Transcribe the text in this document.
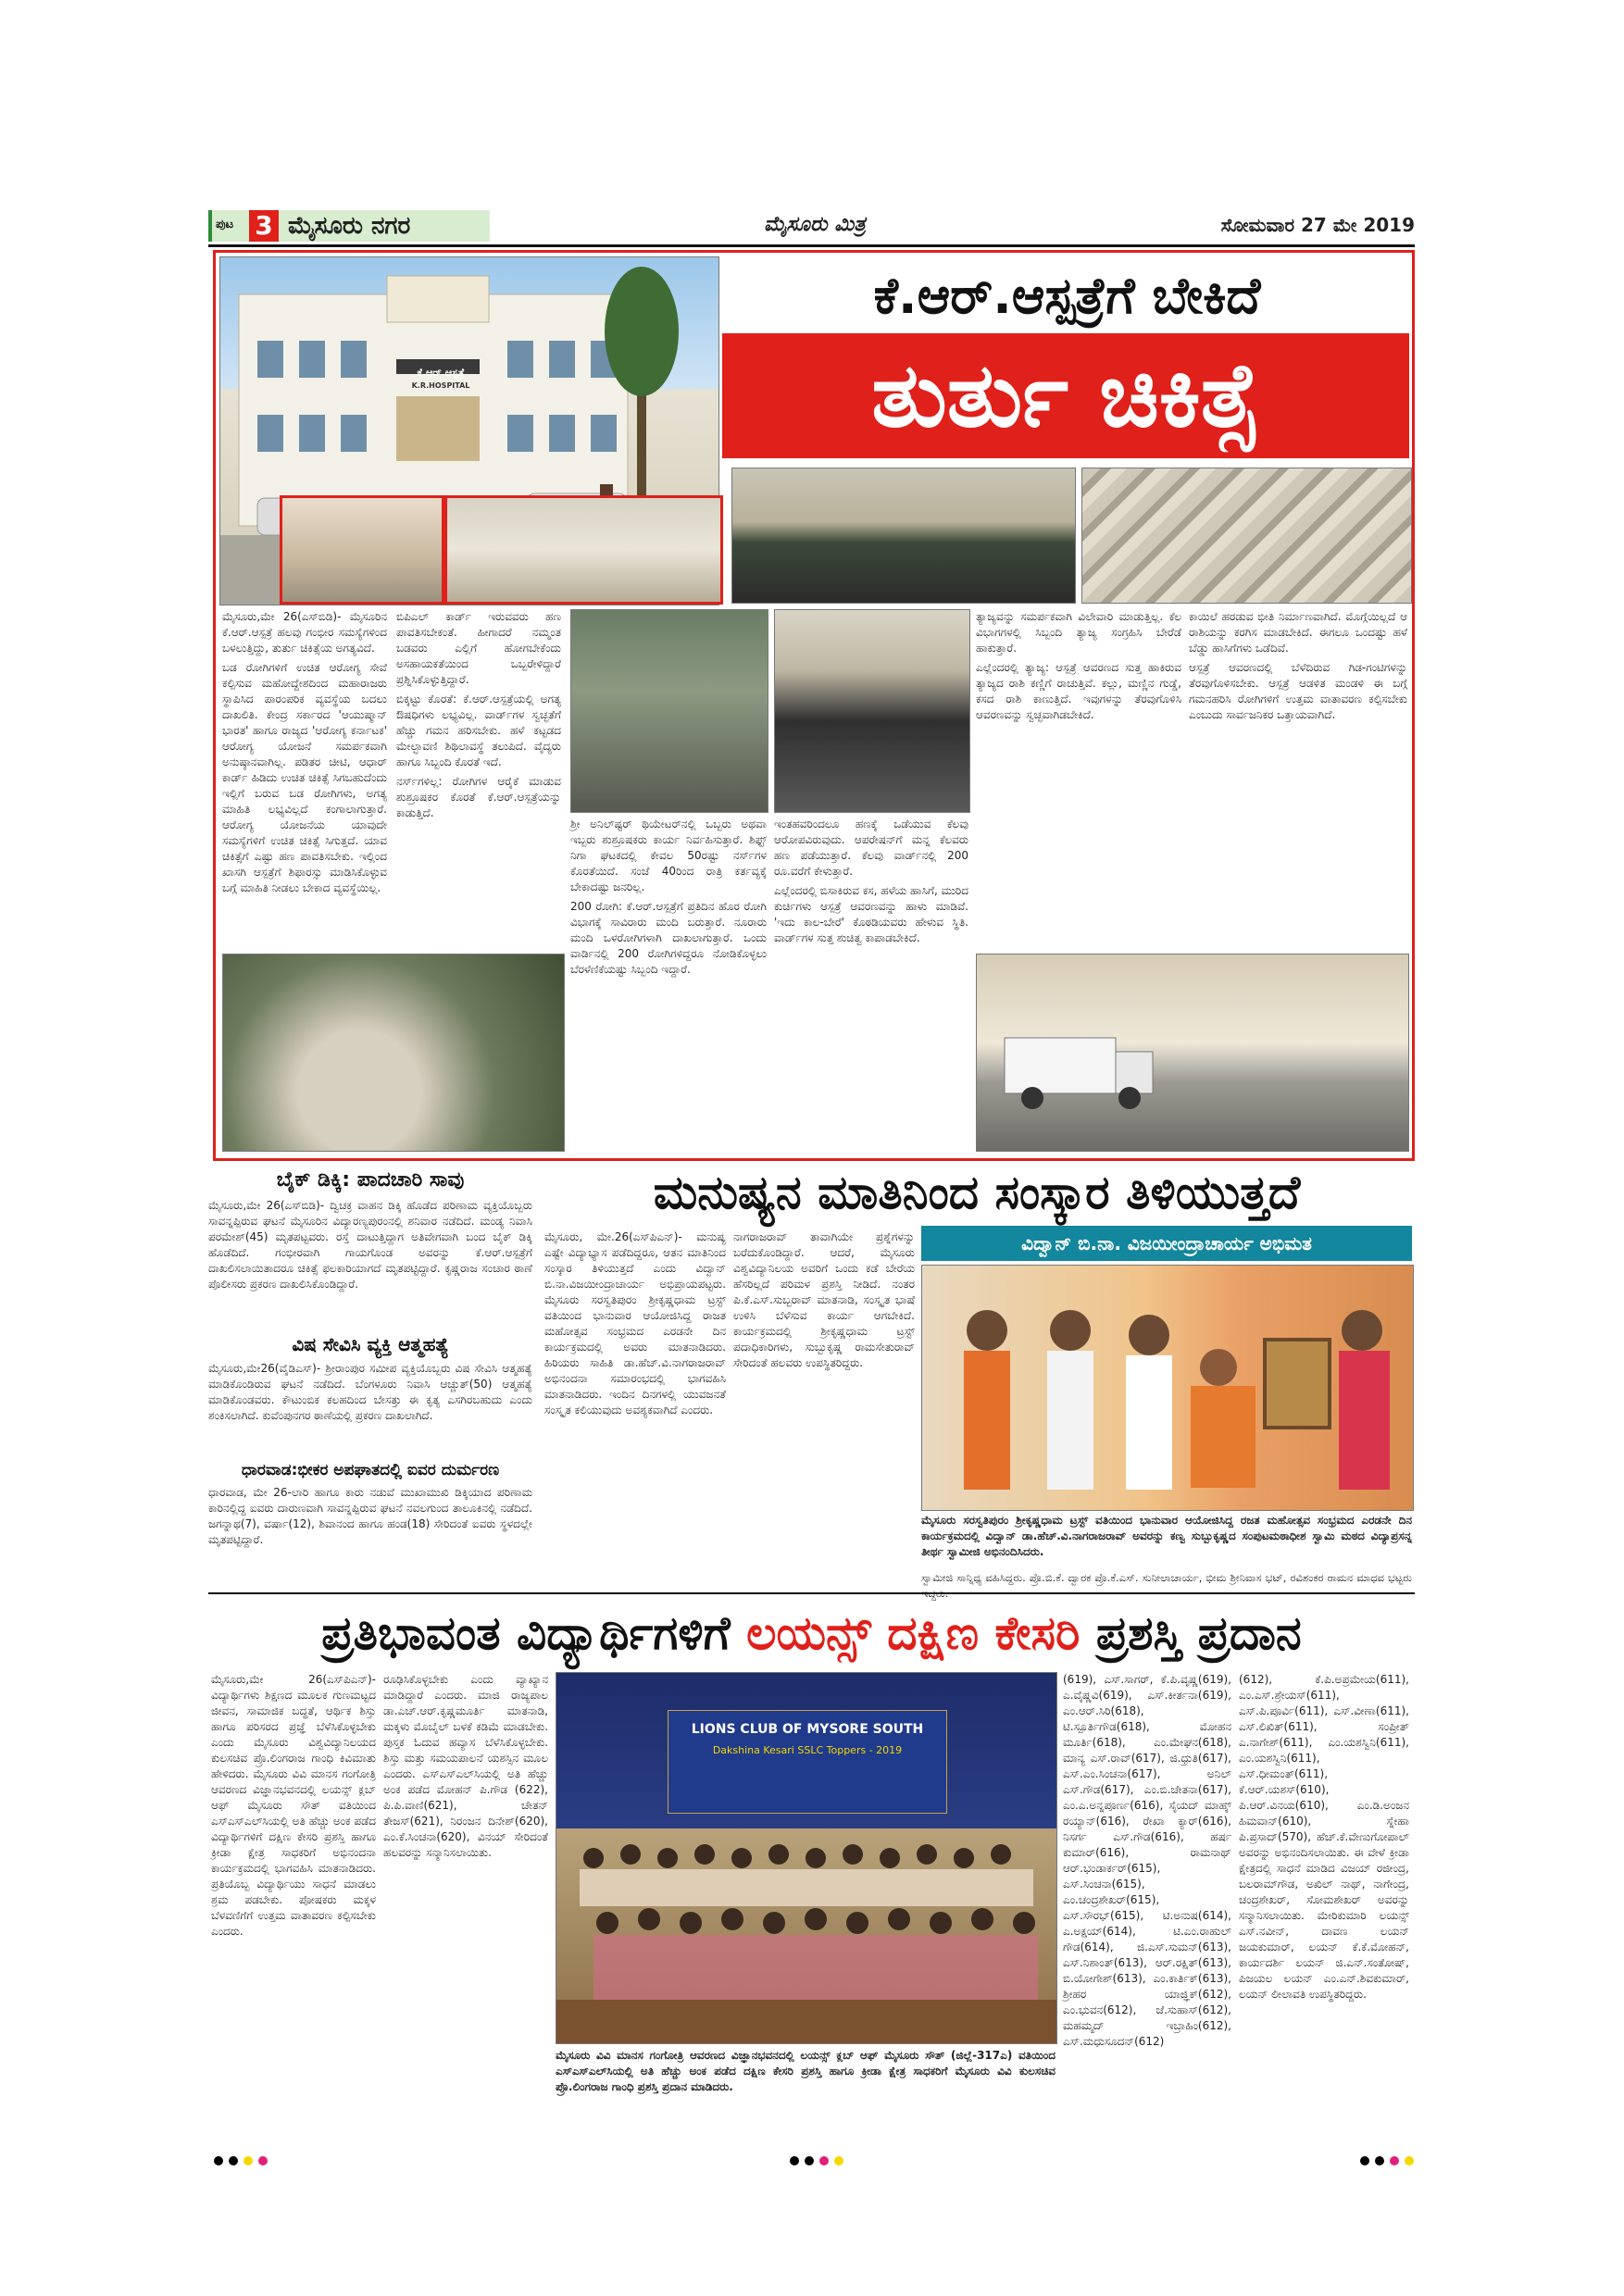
ಪುಟ 3 ಮೈಸೂರು ನಗರ	ಮೈಸೂರು ಮಿತ್ರ	ಸೋಮವಾರ 27 ಮೇ 2019
ಕೆ.ಆರ್.ಆಸ್ಪತ್ರೆ
K.R.HOSPITAL
ಕೆ.ಆರ್.ಆಸ್ಪತ್ರೆಗೆ ಬೇಕಿದೆ
ತುರ್ತು ಚಿಕಿತ್ಸೆ

ಮೈಸೂರು,ಮೇ 26(ಎಸ್‌ಬಿಡಿ)- ಮೈಸೂರಿನ ಕೆ.ಆರ್.ಆಸ್ಪತ್ರೆ ಹಲವು ಗಂಭೀರ ಸಮಸ್ಯೆಗಳಿಂದ ಬಳಲುತ್ತಿದ್ದು, ತುರ್ತು ಚಿಕಿತ್ಸೆಯ ಅಗತ್ಯವಿದೆ.

ಬಡ ರೋಗಿಗಳಿಗೆ ಉಚಿತ ಆರೋಗ್ಯ ಸೇವೆ ಕಲ್ಪಿಸುವ ಮಹೋದ್ದೇಶದಿಂದ ಮಹಾರಾಜರು ಸ್ಥಾಪಿಸಿದ ಪಾರಂಪರಿಕ ವ್ಯವಸ್ಥೆಯ ಬದಲು ದಾಖಲಿತಿ. ಕೇಂದ್ರ ಸರ್ಕಾರದ 'ಆಯುಷ್ಮಾನ್ ಭಾರತ' ಹಾಗೂ ರಾಜ್ಯದ 'ಆರೋಗ್ಯ ಕರ್ನಾಟಕ' ಆರೋಗ್ಯ ಯೋಜನೆ ಸಮರ್ಪಕವಾಗಿ ಅನುಷ್ಠಾನವಾಗಿಲ್ಲ. ಪಡಿತರ ಚೀಟಿ, ಆಧಾರ್ ಕಾರ್ಡ್ ಹಿಡಿದು ಉಚಿತ ಚಿಕಿತ್ಸೆ ಸಿಗಬಹುದೆಂದು ಇಲ್ಲಿಗೆ ಬರುವ ಬಡ ರೋಗಿಗಳು, ಅಗತ್ಯ ಮಾಹಿತಿ ಲಭ್ಯವಿಲ್ಲದೆ ಕಂಗಾಲಾಗುತ್ತಾರೆ. ಆರೋಗ್ಯ ಯೋಜನೆಯ ಯಾವುದೇ ಸಮಸ್ಯೆಗಳಿಗೆ ಉಚಿತ ಚಿಕಿತ್ಸೆ ಸಿಗುತ್ತದೆ. ಯಾವ ಚಿಕಿತ್ಸೆಗೆ ಎಷ್ಟು ಹಣ ಪಾವತಿಸಬೇಕು. ಇಲ್ಲಿಂದ ಖಾಸಗಿ ಆಸ್ಪತ್ರೆಗೆ ಶಿಫಾರಸ್ಸು ಮಾಡಿಸಿಕೊಳ್ಳುವ ಬಗ್ಗೆ ಮಾಹಿತಿ ನೀಡಲು ಬೇಕಾದ ವ್ಯವಸ್ಥೆಯಿಲ್ಲ.

ಬಿಪಿಎಲ್ ಕಾರ್ಡ್ ಇರುವವರು ಹಣ ಪಾವತಿಸಬೇಕಂತೆ. ಹೀಗಾದರೆ ನಮ್ಮಂತ ಬಡವರು ಎಲ್ಲಿಗೆ ಹೋಗಬೇಕೆಂದು ಅಸಹಾಯಕತೆಯಿಂದ ಒಬ್ಬರೇಳಿದ್ದಾರೆ ಪ್ರಶ್ನಿಸಿಕೊಳ್ಳುತ್ತಿದ್ದಾರೆ.

ಬಿಕ್ಕಟ್ಟು ಕೊರತೆ: ಕೆ.ಆರ್.ಆಸ್ಪತ್ರೆಯಲ್ಲಿ ಅಗತ್ಯ ಔಷಧಿಗಳು ಲಭ್ಯವಿಲ್ಲ. ವಾರ್ಡ್‌ಗಳ ಸ್ವಚ್ಛತೆಗೆ ಹೆಚ್ಚು ಗಮನ ಹರಿಸಬೇಕು. ಹಳೆ ಕಟ್ಟಡದ ಮೇಲ್ಛಾವಣಿ ಶಿಥಿಲಾವಸ್ಥೆ ತಲುಪಿದೆ. ವೈದ್ಯರು ಹಾಗೂ ಸಿಬ್ಬಂದಿ ಕೊರತೆ ಇದೆ.

ನರ್ಸ್‌ಗಳಿಲ್ಲ: ರೋಗಿಗಳ ಆರೈಕೆ ಮಾಡುವ ಶುಶ್ರೂಷಕರ ಕೊರತೆ ಕೆ.ಆರ್.ಆಸ್ಪತ್ರೆಯನ್ನು ಕಾಡುತ್ತಿದೆ.

ಶ್ರೀ ಅನಿಲ್‌ಷ್ಟರ್ ಥಿಯೇಟರ್‌ನಲ್ಲಿ ಒಬ್ಬರು ಅಥವಾ ಇಬ್ಬರು ಶುಶ್ರೂಷಕರು ಕಾರ್ಯ ನಿರ್ವಹಿಸುತ್ತಾರೆ. ಶಿಫ್ಟ್ ನಿಗಾ ಘಟಕದಲ್ಲಿ ಕೇವಲ 50ರಷ್ಟು ನರ್ಸ್‌ಗಳ ಕೊರತೆಯಿದೆ. ಸಂಜೆ 40ರಿಂದ ರಾತ್ರಿ ಕರ್ತವ್ಯಕ್ಕೆ ಬೇಕಾದಷ್ಟು ಜನರಿಲ್ಲ.

200 ರೋಗಿ: ಕೆ.ಆರ್.ಆಸ್ಪತ್ರೆಗೆ ಪ್ರತಿದಿನ ಹೊರ ರೋಗಿ ವಿಭಾಗಕ್ಕೆ ಸಾವಿರಾರು ಮಂದಿ ಬರುತ್ತಾರೆ. ನೂರಾರು ಮಂದಿ ಒಳರೋಗಿಗಳಾಗಿ ದಾಖಲಾಗುತ್ತಾರೆ. ಒಂದು ವಾರ್ಡಿನಲ್ಲಿ 200 ರೋಗಿಗಳಿದ್ದರೂ ನೋಡಿಕೊಳ್ಳಲು ಬೆರಳೆಣಿಕೆಯಷ್ಟು ಸಿಬ್ಬಂದಿ ಇದ್ದಾರೆ.

ಇಂತಹವರಿಂದಲೂ ಹಣಕ್ಕೆ ಒಡೆಯುವ ಕೆಲವು ಆರೋಪವಿರುವುದು. ಆಪರೇಷನ್‌ಗೆ ಮನ್ನ ಕೆಲವರು ಹಣ ಪಡೆಯುತ್ತಾರೆ. ಕೆಲವು ವಾರ್ಡ್‌ನಲ್ಲಿ 200 ರೂ.ವರೆಗೆ ಕೇಳುತ್ತಾರೆ.

ಎಲ್ಲೆಂದರಲ್ಲಿ ಬಿಸಾಕಿರುವ ಕಸ, ಹಳೆಯ ಹಾಸಿಗೆ, ಮುರಿದ ಕುರ್ಚಿಗಳು ಆಸ್ಪತ್ರೆ ಆವರಣವನ್ನು ಹಾಳು ಮಾಡಿವೆ. 'ಇದು ಕಾಲ-ಬೇರೆ' ಕೊಠಡಿಯವರು ಹೇಳುವ ಸ್ಥಿತಿ. ವಾರ್ಡ್‌ಗಳ ಸುತ್ತ ಶುಚಿತ್ವ ಕಾಪಾಡಬೇಕಿದೆ.

ತ್ಯಾಜ್ಯವನ್ನು ಸಮರ್ಪಕವಾಗಿ ವಿಲೇವಾರಿ ಮಾಡುತ್ತಿಲ್ಲ. ಕೆಲ ವಿಭಾಗಗಳಲ್ಲಿ ಸಿಬ್ಬಂದಿ ತ್ಯಾಜ್ಯ ಸಂಗ್ರಹಿಸಿ ಬೇರೆಡೆ ಹಾಕುತ್ತಾರೆ.

ಎಲ್ಲೆಂದರಲ್ಲಿ ತ್ಯಾಜ್ಯ: ಆಸ್ಪತ್ರೆ ಆವರಣದ ಸುತ್ತ ಹಾಕಿರುವ ತ್ಯಾಜ್ಯದ ರಾಶಿ ಕಣ್ಣಿಗೆ ರಾಚುತ್ತಿವೆ. ಕಲ್ಲು, ಮಣ್ಣಿನ ಗುಡ್ಡೆ, ಕಸದ ರಾಶಿ ಕಾಣುತ್ತಿದೆ. ಇವುಗಳನ್ನು ತೆರವುಗೊಳಿಸಿ ಆವರಣವನ್ನು ಸ್ವಚ್ಛವಾಗಿಡಬೇಕಿದೆ.

ಕಾಯಿಲೆ ಹರಡುವ ಭೀತಿ ನಿರ್ಮಾಣವಾಗಿದೆ. ಮೊಗ್ಗೆಯಿಲ್ಲದೆ ಆ ರಾಶಿಯನ್ನು ಕರಗಿಸ ಮಾಡಬೇಕಿದೆ. ಈಗಲೂ ಒಂದಷ್ಟು ಹಳೆ ಬೆಡ್ಡು ಹಾಸಿಗೆಗಳು ಒಡೆದಿವೆ.

ಆಸ್ಪತ್ರೆ ಆವರಣದಲ್ಲಿ ಬೆಳೆದಿರುವ ಗಿಡ-ಗಂಟಿಗಳನ್ನು ತೆರವುಗೊಳಿಸಬೇಕು. ಆಸ್ಪತ್ರೆ ಆಡಳಿತ ಮಂಡಳಿ ಈ ಬಗ್ಗೆ ಗಮನಹರಿಸಿ ರೋಗಿಗಳಿಗೆ ಉತ್ತಮ ವಾತಾವರಣ ಕಲ್ಪಿಸಬೇಕು ಎಂಬುದು ಸಾರ್ವಜನಿಕರ ಒತ್ತಾಯವಾಗಿದೆ.

ಬೈಕ್ ಡಿಕ್ಕಿ: ಪಾದಚಾರಿ ಸಾವು
ಮೈಸೂರು,ಮೇ 26(ಎಸ್‌ಬಿಡಿ)- ದ್ವಿಚಕ್ರ ವಾಹನ ಡಿಕ್ಕಿ ಹೊಡೆದ ಪರಿಣಾಮ ವ್ಯಕ್ತಿಯೊಬ್ಬರು ಸಾವನ್ನಪ್ಪಿರುವ ಘಟನೆ ಮೈಸೂರಿನ ವಿದ್ಯಾರಣ್ಯಪುರಂನಲ್ಲಿ ಶನಿವಾರ ನಡೆದಿದೆ. ಮಂಡ್ಯ ನಿವಾಸಿ ಪರಮೇಶ್(45) ಮೃತಪಟ್ಟವರು. ರಸ್ತೆ ದಾಟುತ್ತಿದ್ದಾಗ ಅತಿವೇಗವಾಗಿ ಬಂದ ಬೈಕ್ ಡಿಕ್ಕಿ ಹೊಡೆದಿದೆ. ಗಂಭೀರವಾಗಿ ಗಾಯಗೊಂಡ ಅವರನ್ನು ಕೆ.ಆರ್.ಆಸ್ಪತ್ರೆಗೆ ದಾಖಲಿಸಲಾಯಿತಾದರೂ ಚಿಕಿತ್ಸೆ ಫಲಕಾರಿಯಾಗದೆ ಮೃತಪಟ್ಟಿದ್ದಾರೆ. ಕೃಷ್ಣರಾಜ ಸಂಚಾರ ಠಾಣೆ ಪೊಲೀಸರು ಪ್ರಕರಣ ದಾಖಲಿಸಿಕೊಂಡಿದ್ದಾರೆ.
ವಿಷ ಸೇವಿಸಿ ವ್ಯಕ್ತಿ ಆತ್ಮಹತ್ಯೆ
ಮೈಸೂರು,ಮೇ26(ವೈಡಿಎಸ್)- ಶ್ರೀರಾಂಪುರ ಸಮೀಪ ವ್ಯಕ್ತಿಯೊಬ್ಬರು ವಿಷ ಸೇವಿಸಿ ಆತ್ಮಹತ್ಯೆ ಮಾಡಿಕೊಂಡಿರುವ ಘಟನೆ ನಡೆದಿದೆ. ಬೆಂಗಳೂರು ನಿವಾಸಿ ಆಚ್ಚುತ್(50) ಆತ್ಮಹತ್ಯೆ ಮಾಡಿಕೊಂಡವರು. ಕೌಟುಂಬಿಕ ಕಲಹದಿಂದ ಬೇಸತ್ತು ಈ ಕೃತ್ಯ ಎಸಗಿರಬಹುದು ಎಂದು ಶಂಕಿಸಲಾಗಿದೆ. ಕುವೆಂಪುನಗರ ಠಾಣೆಯಲ್ಲಿ ಪ್ರಕರಣ ದಾಖಲಾಗಿದೆ.
ಧಾರವಾಡ:ಭೀಕರ ಅಪಘಾತದಲ್ಲಿ ಐವರ ದುರ್ಮರಣ
ಧಾರವಾಡ, ಮೇ 26-ಲಾರಿ ಹಾಗೂ ಕಾರು ನಡುವೆ ಮುಖಾಮುಖಿ ಡಿಕ್ಕಿಯಾದ ಪರಿಣಾಮ ಕಾರಿನಲ್ಲಿದ್ದ ಐವರು ದಾರುಣವಾಗಿ ಸಾವನ್ನಪ್ಪಿರುವ ಘಟನೆ ನವಲಗುಂದ ತಾಲೂಕಿನಲ್ಲಿ ನಡೆದಿದೆ. ಜಗನ್ನಾಥ(7), ವರ್ಷಾ(12), ಶಿವಾನಂದ ಹಾಗೂ ಹಂಡ(18) ಸೇರಿದಂತೆ ಐವರು ಸ್ಥಳದಲ್ಲೇ ಮೃತಪಟ್ಟಿದ್ದಾರೆ.
ಮನುಷ್ಯನ ಮಾತಿನಿಂದ ಸಂಸ್ಕಾರ ತಿಳಿಯುತ್ತದೆ
ಮೈಸೂರು, ಮೇ.26(ಎಸ್‌ಪಿಎನ್)- ಮನುಷ್ಯ ಎಷ್ಟೇ ವಿದ್ಯಾಭ್ಯಾಸ ಪಡೆದಿದ್ದರೂ, ಆತನ ಮಾತಿನಿಂದ ಸಂಸ್ಕಾರ ತಿಳಿಯುತ್ತದೆ ಎಂದು ವಿದ್ವಾನ್ ಬಿ.ನಾ.ವಿಜಯೀಂದ್ರಾಚಾರ್ಯ ಅಭಿಪ್ರಾಯಪಟ್ಟರು. ಮೈಸೂರು ಸರಸ್ವತಿಪುರಂ ಶ್ರೀಕೃಷ್ಣಧಾಮ ಟ್ರಸ್ಟ್ ವತಿಯಿಂದ ಭಾನುವಾರ ಆಯೋಜಿಸಿದ್ದ ರಾಜತ ಮಹೋತ್ಸವ ಸಂಭ್ರಮದ ಎರಡನೇ ದಿನ ಕಾರ್ಯಕ್ರಮದಲ್ಲಿ ಅವರು ಮಾತನಾಡಿದರು. ಹಿರಿಯರು ಸಾಹಿತಿ ಡಾ.ಹೆಚ್.ವಿ.ನಾಗರಾಜರಾವ್ ಅಭಿನಂದನಾ ಸಮಾರಂಭದಲ್ಲಿ ಭಾಗವಹಿಸಿ ಮಾತನಾಡಿದರು. ಇಂದಿನ ದಿನಗಳಲ್ಲಿ ಯುವಜನತೆ ಸಂಸ್ಕೃತ ಕಲಿಯುವುದು ಅವಶ್ಯಕವಾಗಿದೆ ಎಂದರು.
ನಾಗರಾಜರಾವ್ ತಾವಾಗಿಯೇ ಪ್ರಶ್ನೆಗಳನ್ನು ಬರೆದುಕೊಂಡಿದ್ದಾರೆ. ಆದರೆ, ಮೈಸೂರು ವಿಶ್ವವಿದ್ಯಾನಿಲಯ ಅವರಿಗೆ ಒಂದು ಕಡೆ ಬೇರೆಯ ಹೆಸರಿಲ್ಲದೆ ಪರಿಮಳ ಪ್ರಶಸ್ತಿ ನೀಡಿದೆ. ನಂತರ ಪಿ.ಕೆ.ಎಸ್.ಸುಬ್ಬರಾವ್ ಮಾತನಾಡಿ, ಸಂಸ್ಕೃತ ಭಾಷೆ ಉಳಿಸಿ ಬೆಳೆಸುವ ಕಾರ್ಯ ಆಗಬೇಕಿದೆ. ಕಾರ್ಯಕ್ರಮದಲ್ಲಿ ಶ್ರೀಕೃಷ್ಣಧಾಮ ಟ್ರಸ್ಟ್ ಪದಾಧಿಕಾರಿಗಳು, ಸುಬ್ಬುಕೃಷ್ಣ ರಾಮಸೇತುರಾವ್ ಸೇರಿದಂತೆ ಹಲವರು ಉಪಸ್ಥಿತರಿದ್ದರು.
ವಿದ್ವಾನ್ ಬಿ.ನಾ. ವಿಜಯೀಂದ್ರಾಚಾರ್ಯ ಅಭಿಮತ
ಮೈಸೂರು ಸರಸ್ವತಿಪುರಂ ಶ್ರೀಕೃಷ್ಣಧಾಮ ಟ್ರಸ್ಟ್ ವತಿಯಿಂದ ಭಾನುವಾರ ಆಯೋಜಿಸಿದ್ದ ರಜತ ಮಹೋತ್ಸವ ಸಂಭ್ರಮದ ಎರಡನೇ ದಿನ ಕಾರ್ಯಕ್ರಮದಲ್ಲಿ ವಿದ್ವಾನ್ ಡಾ.ಹೆಚ್.ವಿ.ನಾಗರಾಜರಾವ್ ಅವರನ್ನು ಕಣ್ವ ಸುಬ್ಬುಕೃಷ್ಣದ ಸಂಪುಟಮಠಾಧೀಶ ಸ್ವಾಮಿ ಮಠದ ವಿದ್ಯಾಪ್ರಸನ್ನ ತೀರ್ಥ ಸ್ವಾಮೀಜಿ ಅಭಿನಂದಿಸಿದರು.
ಸ್ವಾಮೀಜಿ ಸಾನ್ನಿಧ್ಯ ವಹಿಸಿದ್ದರು. ಪ್ರೊ.ಬಿ.ಕೆ. ದ್ವಾರಕ ಪ್ರೊ.ಕೆ.ಎಸ್. ಸುನೀಲಾಚಾರ್ಯ, ಭೀಮ ಶ್ರೀನಿವಾಸ ಭಟ್, ರವಿಶಂಕರ ರಾಮನ ಮಾಧವ ಭಟ್ಟರು
ಪ್ರತಿಭಾವಂತ ವಿದ್ಯಾರ್ಥಿಗಳಿಗೆ ಲಯನ್ಸ್ ದಕ್ಷಿಣ ಕೇಸರಿ ಪ್ರಶಸ್ತಿ ಪ್ರದಾನ
ಮೈಸೂರು,ಮೇ 26(ಎಸ್‌ಪಿಎನ್)- ವಿದ್ಯಾರ್ಥಿಗಳು ಶಿಕ್ಷಣದ ಮೂಲಕ ಗುಣಮಟ್ಟದ ಜೀವನ, ಸಾಮಾಜಿಕ ಬದ್ಧತೆ, ಆರ್ಥಿಕ ಶಿಸ್ತು ಹಾಗೂ ಪರಿಸರದ ಪ್ರಜ್ಞೆ ಬೆಳೆಸಿಕೊಳ್ಳಬೇಕು ಎಂದು ಮೈಸೂರು ವಿಶ್ವವಿದ್ಯಾನಿಲಯದ ಕುಲಸಚಿವ ಪ್ರೊ.ಲಿಂಗರಾಜ ಗಾಂಧಿ ಕಿವಿಮಾತು ಹೇಳಿದರು. ಮೈಸೂರು ವಿವಿ ಮಾನಸ ಗಂಗೋತ್ರಿ ಆವರಣದ ವಿಜ್ಞಾನಭವನದಲ್ಲಿ ಲಯನ್ಸ್ ಕ್ಲಬ್ ಆಫ್ ಮೈಸೂರು ಸೌತ್ ವತಿಯಿಂದ ಎಸ್‌ಎಸ್‌ಎಲ್‌ಸಿಯಲ್ಲಿ ಅತಿ ಹೆಚ್ಚು ಅಂಕ ಪಡೆದ ವಿದ್ಯಾರ್ಥಿಗಳಿಗೆ ದಕ್ಷಿಣ ಕೇಸರಿ ಪ್ರಶಸ್ತಿ ಹಾಗೂ ಕ್ರೀಡಾ ಕ್ಷೇತ್ರ ಸಾಧಕರಿಗೆ ಅಭಿನಂದನಾ ಕಾರ್ಯಕ್ರಮದಲ್ಲಿ ಭಾಗವಹಿಸಿ ಮಾತನಾಡಿದರು. ಪ್ರತಿಯೊಬ್ಬ ವಿದ್ಯಾರ್ಥಿಯು ಸಾಧನೆ ಮಾಡಲು ಶ್ರಮ ಪಡಬೇಕು. ಪೋಷಕರು ಮಕ್ಕಳ ಬೆಳವಣಿಗೆಗೆ ಉತ್ತಮ ವಾತಾವರಣ ಕಲ್ಪಿಸಬೇಕು ಎಂದರು.
ರೂಢಿಸಿಕೊಳ್ಳಬೇಕು ಎಂದು ವ್ಯಾಖ್ಯಾನ ಮಾಡಿದ್ದಾರೆ ಎಂದರು. ಮಾಜಿ ರಾಜ್ಯಪಾಲ ಡಾ.ಎಚ್.ಆರ್.ಕೃಷ್ಣಮೂರ್ತಿ ಮಾತನಾಡಿ, ಮಕ್ಕಳು ಮೊಬೈಲ್ ಬಳಕೆ ಕಡಿಮೆ ಮಾಡಬೇಕು. ಪುಸ್ತಕ ಓದುವ ಹವ್ಯಾಸ ಬೆಳೆಸಿಕೊಳ್ಳಬೇಕು. ಶಿಸ್ತು ಮತ್ತು ಸಮಯಪಾಲನೆ ಯಶಸ್ಸಿನ ಮೂಲ ಎಂದರು. ಎಸ್‌ಎಸ್‌ಎಲ್‌ಸಿಯಲ್ಲಿ ಅತಿ ಹೆಚ್ಚು ಅಂಕ ಪಡೆದ ಮೋಹನ್ ಪಿ.ಗೌಡ (622), ಪಿ.ಪಿ.ವಾಣಿ(621), ಚೇತನ್ ತೇಜಸ್(621), ನಿರಂಜನ ದಿನೇಶ್(620), ಎಂ.ಕೆ.ಸಿಂಚನಾ(620), ವಿನಯ್ ಸೇರಿದಂತೆ ಹಲವರನ್ನು ಸನ್ಮಾನಿಸಲಾಯಿತು.
LIONS CLUB OF MYSORE SOUTH
Dakshina Kesari SSLC Toppers - 2019
ಮೈಸೂರು ವಿವಿ ಮಾನಸ ಗಂಗೋತ್ರಿ ಆವರಣದ ವಿಜ್ಞಾನಭವನದಲ್ಲಿ ಲಯನ್ಸ್ ಕ್ಲಬ್ ಆಫ್ ಮೈಸೂರು ಸೌತ್ (ಜಿಲ್ಲೆ-317ಎ) ವತಿಯಿಂದ ಎಸ್‌ಎಸ್‌ಎಲ್‌ಸಿಯಲ್ಲಿ ಅತಿ ಹೆಚ್ಚು ಅಂಕ ಪಡೆದ ದಕ್ಷಿಣ ಕೇಸರಿ ಪ್ರಶಸ್ತಿ ಹಾಗೂ ಕ್ರೀಡಾ ಕ್ಷೇತ್ರ ಸಾಧಕರಿಗೆ ಮೈಸೂರು ವಿವಿ ಕುಲಸಚಿವ ಪ್ರೊ.ಲಿಂಗರಾಜ ಗಾಂಧಿ ಪ್ರಶಸ್ತಿ ಪ್ರದಾನ ಮಾಡಿದರು.
(619), ಎಸ್.ಸಾಗರ್, ಕೆ.ಪಿ.ವೃಷ್ಣ(619), ಎ.ವೈಷ್ಣವಿ(619), ಎಸ್.ಕೀರ್ತನಾ(619), ಎಂ.ಆರ್.ಸಿರಿ(618), ಟಿ.ಸ್ಪೂರ್ತಿಗೌಡ(618), ಮೋಹನ ಮೂರ್ತಿ(618), ಎಂ.ಮೇಘನ(618), ಮಾನ್ಯ ಎಸ್.ರಾವ್(617), ಜಿ.ಧ್ರುತಿ(617), ಎಸ್.ಎಂ.ಸಿಂಚನಾ(617), ಅನಿಲ್ ಎಸ್.ಗೌಡ(617), ಎಂ.ಬಿ.ಚೇತನಾ(617), ಎಂ.ಎ.ಅನ್ನಪೂರ್ಣ(616), ಸೈಯದ್ ಮಾಹ್ಕ್‌ ರಯ್ಯಾನ್(616), ರೇಖಾ ಕ್ಯಾರ್(616), ನಿಸರ್ಗ ಎಸ್.ಗೌಡ(616), ಹರ್ಷ ಕುಮಾರ್(616), ರಾಮನಾಥ್ ಆರ್.ಭಂಡಾರ್ಕರ್(615), ಎಸ್.ಸಿಂಚನಾ(615), ಎಂ.ಚಂದ್ರಶೇಖರ್(615), ಎಸ್.ಸೌರಭ್(615), ಟಿ.ಅನುಷ(614), ಎ.ಅಕ್ಷಯ್(614), ಟಿ.ಎಂ.ರಾಹುಲ್ ಗೌಡ(614), ಜಿ.ಎಸ್.ಸುಮನ್(613), ಎಸ್.ನಿಶಾಂತ್(613), ಆರ್.ರಕ್ಷಿತ್(613), ಬಿ.ಯೋಗೇಶ್(613), ಎಂ.ಕಾರ್ತಿಕ್(613), ಶ್ರೀಹರ ಯಾಜ್ಞಿಕ್(612), ಎಂ.ಭುವನ(612), ಜೆ.ಸುಹಾಸ್(612), ಮಹಮ್ಮದ್ ಇಬ್ರಾಹಿಂ(612), ಎಸ್.ಮಧುಸೂದನ್(612)
(612), ಕೆ.ಪಿ.ಅಪ್ರಮೇಯ(611), ಎಂ.ಎಸ್.ಶ್ರೇಯಸ್(611), ಎಸ್.ಪಿ.ಪೂರ್ವಿ(611), ಎಸ್.ವೀಣಾ(611), ಎಸ್.ಲಿಖಿತ್(611), ಸಂಪ್ರೀತ್ ಎ.ನಾಗೇಶ್(611), ಎಂ.ಯಶಸ್ವಿನಿ(611), ಎಂ.ಯಶಸ್ವಿನಿ(611), ಎಸ್.ಧೀಮಂತ್(611), ಕೆ.ಆರ್.ಯಶಸ್(610), ಪಿ.ಆರ್.ವಿನಯ(610), ಎಂ.ಡಿ.ಅಂಜನ ಹಿಮವಾನ್(610), ಸ್ನೇಹಾ ಪಿ.ಪ್ರಸಾದ್(570), ಹೆಚ್.ಕೆ.ವೇಣುಗೋಪಾಲ್ ಅವರನ್ನು ಅಭಿನಂದಿಸಲಾಯಿತು. ಈ ವೇಳೆ ಕ್ರೀಡಾ ಕ್ಷೇತ್ರದಲ್ಲಿ ಸಾಧನೆ ಮಾಡಿದ ವಿಜಯ್ ರಜೀಂದ್ರ, ಬಲರಾಮ್‌ಗೌಡ, ಅಖಿಲ್ ನಾಥ್, ನಾಗೇಂದ್ರ, ಚಂದ್ರಶೇಖರ್, ಸೋಮಶೇಖರ್ ಅವರನ್ನು ಸನ್ಮಾನಿಸಲಾಯಿತು. ಮೇರಿಕುಮಾರಿ ಲಯನ್ಸ್ ಎಸ್.ನವೀನ್, ದಾವಣ ಲಯನ್ ಜಯಕುಮಾರ್, ಲಯನ್ ಕೆ.ಕೆ.ಮೋಹನ್, ಕಾರ್ಯದರ್ಶಿ ಲಯನ್ ಜಿ.ಎನ್.ಸಂತೋಷ್, ಪಿಜಯಲ ಲಯನ್ ಎಂ.ಎನ್.ಶಿವಕುಮಾರ್, ಲಯನ್ ಲೀಲಾವತಿ ಉಪಸ್ಥಿತರಿದ್ದರು.
